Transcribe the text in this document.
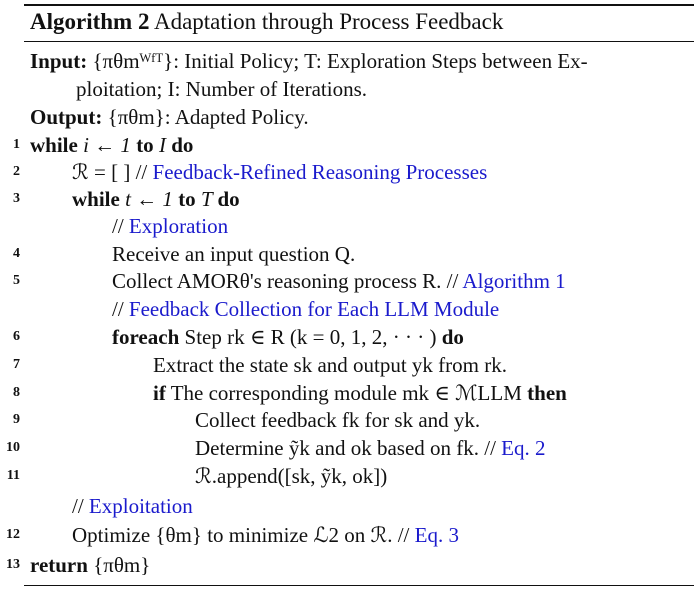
Algorithm 2 Adaptation through Process Feedback
Input: {πθmᵂᶠᵀ}: Initial Policy; T: Exploration Steps between Ex-
ploitation; I: Number of Iterations.
Output: {πθm}: Adapted Policy.
1 while i ← 1 to I do
2 ℛ = [ ] // Feedback-Refined Reasoning Processes
3 while t ← 1 to T do
// Exploration
4	Receive an input question Q.
5	Collect AMORθ's reasoning process R. // Algorithm 1
// Feedback Collection for Each LLM Module
6	foreach Step rk ∈ R (k = 0, 1, 2, · · · ) do
7	Extract the state sk and output yk from rk.
8	if The corresponding module mk ∈ ℳLLM then
9	Collect feedback fk for sk and yk.
10	Determine ỹk and ok based on fk. // Eq. 2
11	ℛ.append([sk, ỹk, ok])
// Exploitation
12 Optimize {θm} to minimize ℒ2 on ℛ. // Eq. 3
13 return {πθm}
